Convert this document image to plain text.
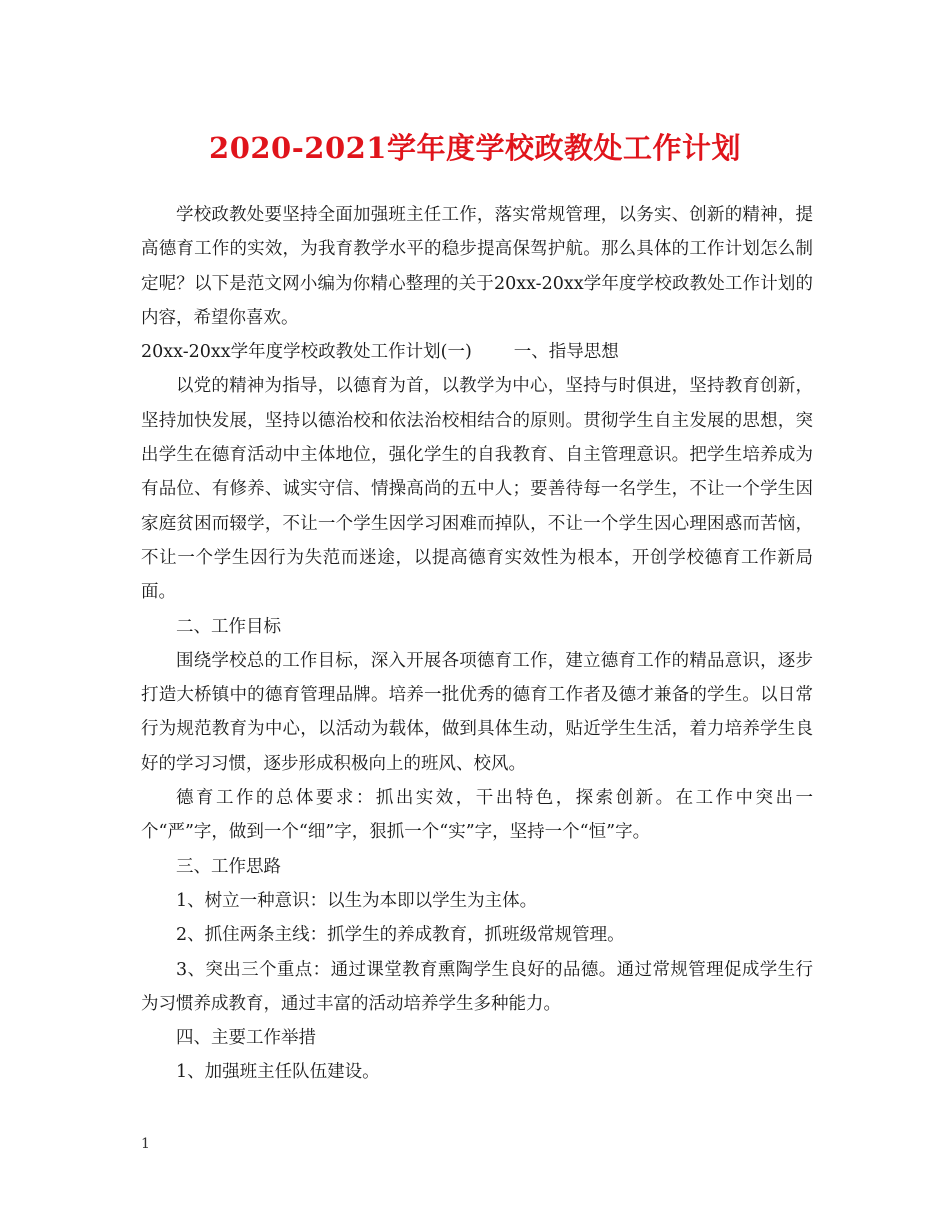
2020-2021学年度学校政教处工作计划

学校政教处要坚持全面加强班主任工作，落实常规管理，以务实、创新的精神，提高德育工作的实效，为我育教学水平的稳步提高保驾护航。那么具体的工作计划怎么制定呢？以下是范文网小编为你精心整理的关于20xx-20xx学年度学校政教处工作计划的内容，希望你喜欢。

20xx-20xx学年度学校政教处工作计划(一) 一、指导思想

以党的精神为指导，以德育为首，以教学为中心，坚持与时俱进，坚持教育创新，坚持加快发展，坚持以德治校和依法治校相结合的原则。贯彻学生自主发展的思想，突出学生在德育活动中主体地位，强化学生的自我教育、自主管理意识。把学生培养成为有品位、有修养、诚实守信、情操高尚的五中人；要善待每一名学生，不让一个学生因家庭贫困而辍学，不让一个学生因学习困难而掉队，不让一个学生因心理困惑而苦恼，不让一个学生因行为失范而迷途，以提高德育实效性为根本，开创学校德育工作新局面。

二、工作目标

围绕学校总的工作目标，深入开展各项德育工作，建立德育工作的精品意识，逐步打造大桥镇中的德育管理品牌。培养一批优秀的德育工作者及德才兼备的学生。以日常行为规范教育为中心，以活动为载体，做到具体生动，贴近学生生活，着力培养学生良好的学习习惯，逐步形成积极向上的班风、校风。

德育工作的总体要求：抓出实效，干出特色，探索创新。在工作中突出一个“严”字，做到一个“细”字，狠抓一个“实”字，坚持一个“恒”字。

三、工作思路

1、树立一种意识：以生为本即以学生为主体。

2、抓住两条主线：抓学生的养成教育，抓班级常规管理。

3、突出三个重点：通过课堂教育熏陶学生良好的品德。通过常规管理促成学生行为习惯养成教育，通过丰富的活动培养学生多种能力。

四、主要工作举措

1、加强班主任队伍建设。

1
